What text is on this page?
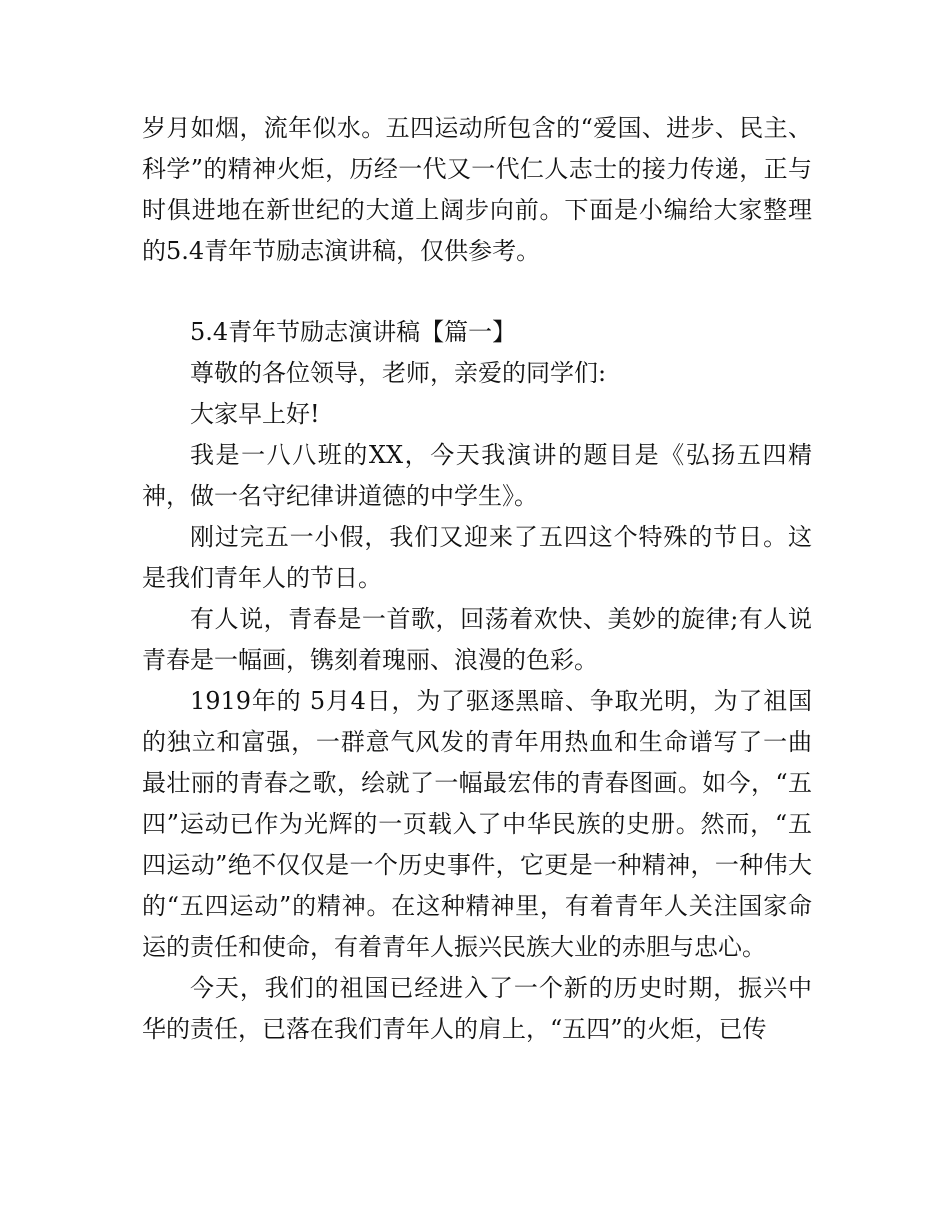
岁月如烟，流年似水。五四运动所包含的“爱国、进步、民主、科学”的精神火炬，历经一代又一代仁人志士的接力传递，正与时俱进地在新世纪的大道上阔步向前。下面是小编给大家整理的5.4青年节励志演讲稿，仅供参考。

5.4青年节励志演讲稿【篇一】

尊敬的各位领导，老师，亲爱的同学们:

大家早上好!

我是一八八班的XX，今天我演讲的题目是《弘扬五四精神，做一名守纪律讲道德的中学生》。

刚过完五一小假，我们又迎来了五四这个特殊的节日。这是我们青年人的节日。

有人说，青春是一首歌，回荡着欢快、美妙的旋律;有人说青春是一幅画，镌刻着瑰丽、浪漫的色彩。

1919年的 5月4日，为了驱逐黑暗、争取光明，为了祖国的独立和富强，一群意气风发的青年用热血和生命谱写了一曲最壮丽的青春之歌，绘就了一幅最宏伟的青春图画。如今，“五四”运动已作为光辉的一页载入了中华民族的史册。然而，“五四运动”绝不仅仅是一个历史事件，它更是一种精神，一种伟大的“五四运动”的精神。在这种精神里，有着青年人关注国家命运的责任和使命，有着青年人振兴民族大业的赤胆与忠心。

今天，我们的祖国已经进入了一个新的历史时期，振兴中华的责任，已落在我们青年人的肩上，“五四”的火炬，已传
